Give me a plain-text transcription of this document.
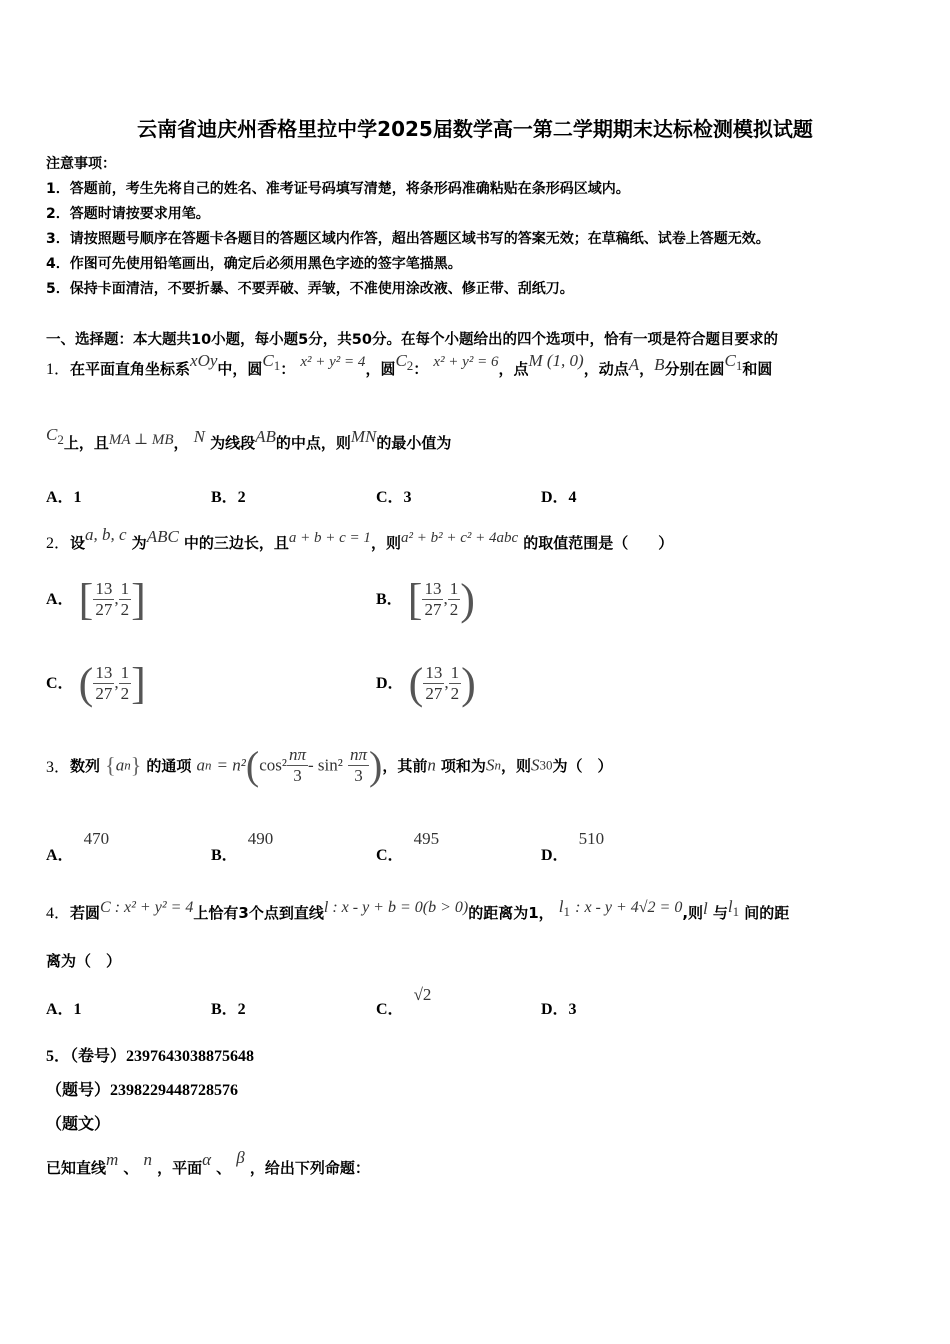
云南省迪庆州香格里拉中学2025届数学高一第二学期期末达标检测模拟试题
注意事项：
1．答题前，考生先将自己的姓名、准考证号码填写清楚，将条形码准确粘贴在条形码区域内。
2．答题时请按要求用笔。
3．请按照题号顺序在答题卡各题目的答题区域内作答，超出答题区域书写的答案无效；在草稿纸、试卷上答题无效。
4．作图可先使用铅笔画出，确定后必须用黑色字迹的签字笔描黑。
5．保持卡面清洁，不要折暴、不要弄破、弄皱，不准使用涂改液、修正带、刮纸刀。
一、选择题：本大题共10小题，每小题5分，共50分。在每个小题给出的四个选项中，恰有一项是符合题目要求的
1．在平面直角坐标系xOy中，圆$C^1$： x² + y² = 4，圆$C^2$： x² + y² = 6，点M (1, 0)，动点A，B分别在圆$C^1$和圆
$C^2$上，且MA ⊥ MB， N 为线段AB的中点，则MN的最小值为
A．1	B．2	C．3	D．4
2．设a, b, c 为ABC 中的三边长，且a + b + c = 1，则a² + b² + c² + 4abc 的取值范围是（　　）
A． [ $\frac{13}{27}$ , $\frac{1}{2}$ ]	B． [ $\frac{13}{27}$ , $\frac{1}{2}$ )
C． ( $\frac{13}{27}$ , $\frac{1}{2}$ ]	D． ( $\frac{13}{27}$ , $\frac{1}{2}$ )
3．数列 {an} 的通项 an = $n^2(\cos^2 \frac{n\pi}{3} - \sin^2 \frac{n\pi}{3}$ )，其前n 项和为Sn，则S30为（　）
A．470
B．490
C．495
D．510
4．若圆C : x² + y² = 4上恰有3个点到直线l : x - y + b = 0(b > 0)的距离为1， l1 : x - y + 4√2 = 0,则l 与l1 间的距
离为（　）
A．1	B．2	C．√2
D．3
5．（卷号）2397643038875648
（题号）2398229448728576
（题文）
已知直线m 、 n ，平面α 、 β ，给出下列命题：
